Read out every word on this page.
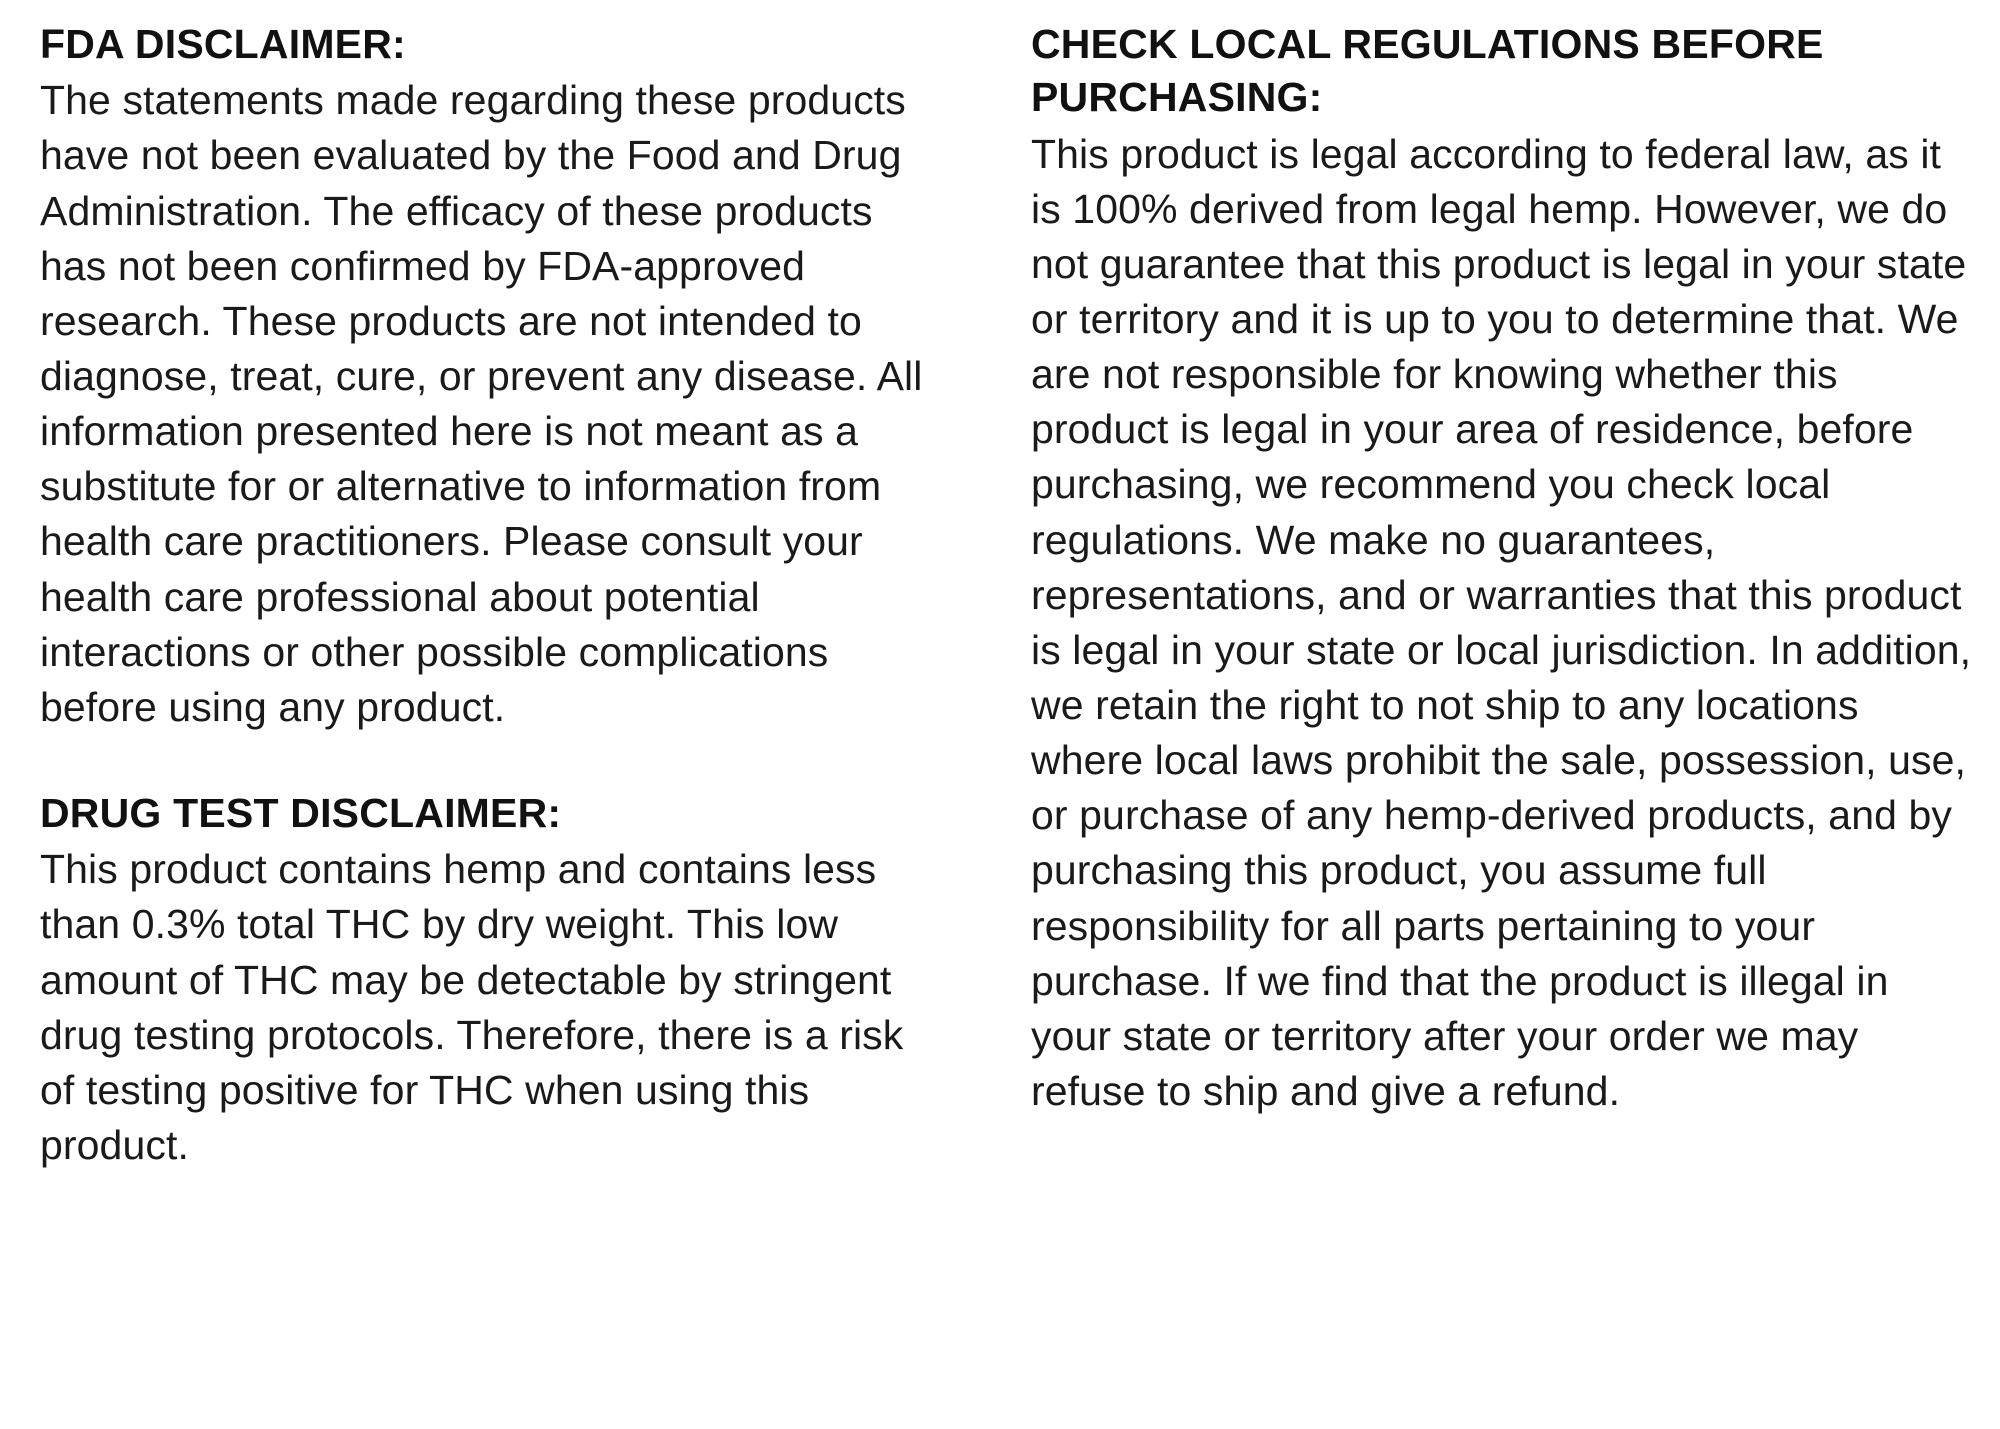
FDA DISCLAIMER:

The statements made regarding these products have not been evaluated by the Food and Drug Administration. The efficacy of these products has not been confirmed by FDA-approved research. These products are not intended to diagnose, treat, cure, or prevent any disease. All information presented here is not meant as a substitute for or alternative to information from health care practitioners. Please consult your health care professional about potential interactions or other possible complications before using any product.

DRUG TEST DISCLAIMER:

This product contains hemp and contains less than 0.3% total THC by dry weight. This low amount of THC may be detectable by stringent drug testing protocols. Therefore, there is a risk of testing positive for THC when using this product.

CHECK LOCAL REGULATIONS BEFORE PURCHASING:

This product is legal according to federal law, as it is 100% derived from legal hemp. However, we do not guarantee that this product is legal in your state or territory and it is up to you to determine that. We are not responsible for knowing whether this product is legal in your area of residence, before purchasing, we recommend you check local regulations. We make no guarantees, representations, and or warranties that this product is legal in your state or local jurisdiction. In addition, we retain the right to not ship to any locations where local laws prohibit the sale, possession, use, or purchase of any hemp-derived products, and by purchasing this product, you assume full responsibility for all parts pertaining to your purchase. If we find that the product is illegal in your state or territory after your order we may refuse to ship and give a refund.
